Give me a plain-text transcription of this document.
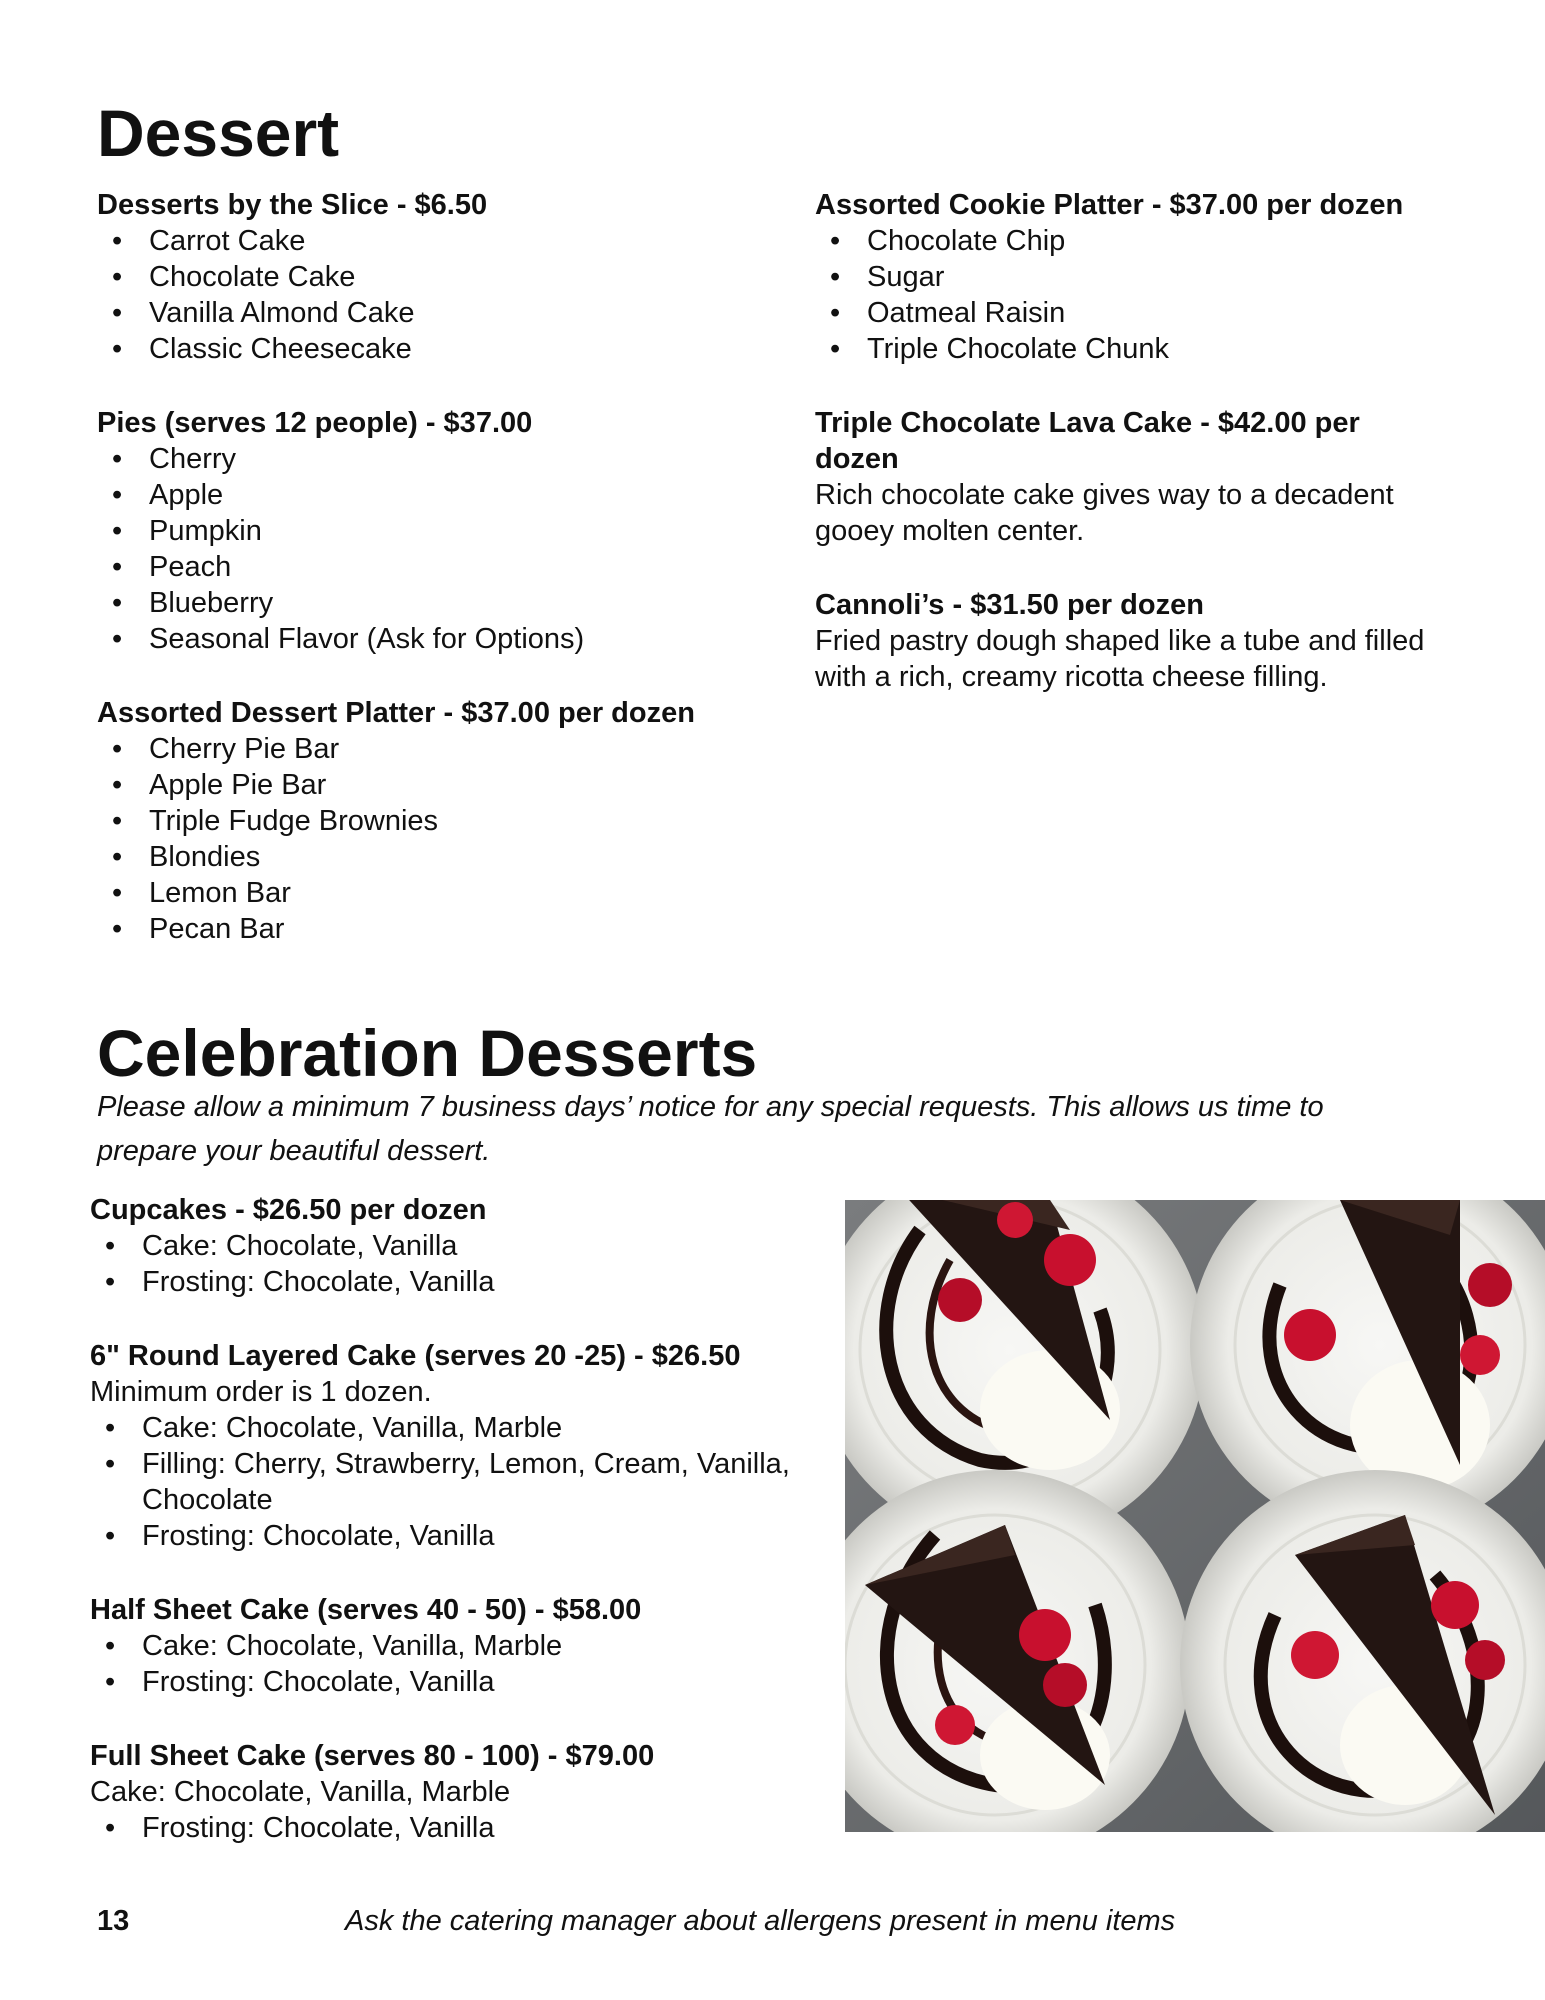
Dessert

Desserts by the Slice - $6.50

• Carrot Cake
• Chocolate Cake
• Vanilla Almond Cake
• Classic Cheesecake

Pies (serves 12 people) - $37.00

• Cherry
• Apple
• Pumpkin
• Peach
• Blueberry
• Seasonal Flavor (Ask for Options)

Assorted Dessert Platter - $37.00 per dozen

• Cherry Pie Bar
• Apple Pie Bar
• Triple Fudge Brownies
• Blondies
• Lemon Bar
• Pecan Bar

Assorted Cookie Platter - $37.00 per dozen

• Chocolate Chip
• Sugar
• Oatmeal Raisin
• Triple Chocolate Chunk

Triple Chocolate Lava Cake - $42.00 per dozen

Rich chocolate cake gives way to a decadent gooey molten center.

Cannoli’s - $31.50 per dozen

Fried pastry dough shaped like a tube and filled with a rich, creamy ricotta cheese filling.

Celebration Desserts

Please allow a minimum 7 business days’ notice for any special requests. This allows us time to prepare your beautiful dessert.

Cupcakes - $26.50 per dozen

• Cake: Chocolate, Vanilla
• Frosting: Chocolate, Vanilla

6" Round Layered Cake (serves 20 -25) - $26.50

Minimum order is 1 dozen.

• Cake: Chocolate, Vanilla, Marble
• Filling: Cherry, Strawberry, Lemon, Cream, Vanilla, Chocolate
• Frosting: Chocolate, Vanilla

Half Sheet Cake (serves 40 - 50) - $58.00

• Cake: Chocolate, Vanilla, Marble
• Frosting: Chocolate, Vanilla

Full Sheet Cake (serves 80 - 100) - $79.00

Cake: Chocolate, Vanilla, Marble

• Frosting: Chocolate, Vanilla
13	Ask the catering manager about allergens present in menu items
